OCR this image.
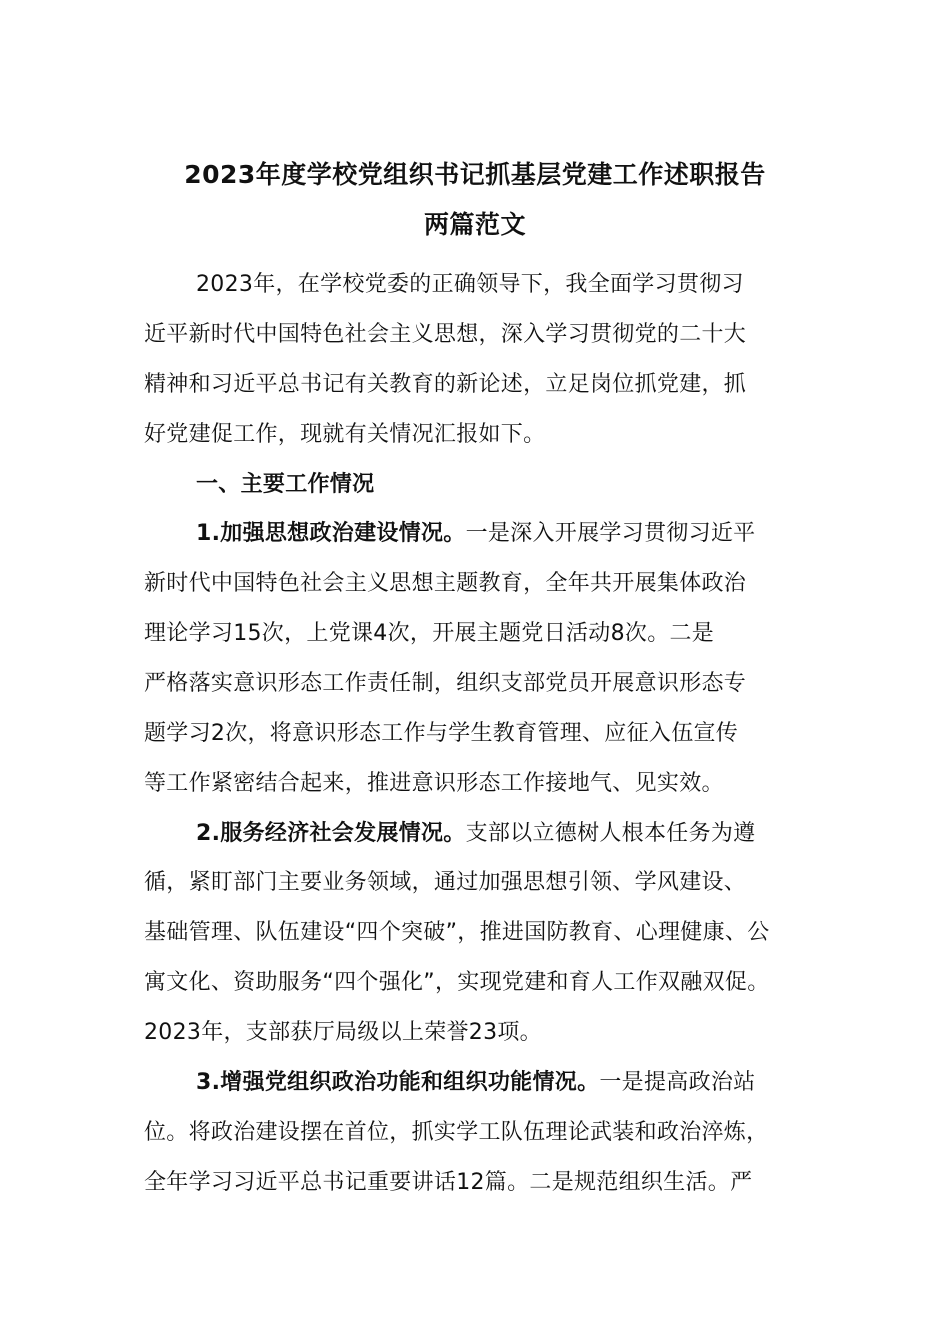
2023年度学校党组织书记抓基层党建工作述职报告
两篇范文
2023年，在学校党委的正确领导下，我全面学习贯彻习
近平新时代中国特色社会主义思想，深入学习贯彻党的二十大
精神和习近平总书记有关教育的新论述，立足岗位抓党建，抓
好党建促工作，现就有关情况汇报如下。
一、主要工作情况
1.加强思想政治建设情况。一是深入开展学习贯彻习近平
新时代中国特色社会主义思想主题教育，全年共开展集体政治
理论学习15次，上党课4次，开展主题党日活动8次。二是
严格落实意识形态工作责任制，组织支部党员开展意识形态专
题学习2次，将意识形态工作与学生教育管理、应征入伍宣传
等工作紧密结合起来，推进意识形态工作接地气、见实效。
2.服务经济社会发展情况。支部以立德树人根本任务为遵
循，紧盯部门主要业务领域，通过加强思想引领、学风建设、
基础管理、队伍建设“四个突破”，推进国防教育、心理健康、公
寓文化、资助服务“四个强化”，实现党建和育人工作双融双促。
2023年，支部获厅局级以上荣誉23项。
3.增强党组织政治功能和组织功能情况。一是提高政治站
位。将政治建设摆在首位，抓实学工队伍理论武装和政治淬炼，
全年学习习近平总书记重要讲话12篇。二是规范组织生活。严
